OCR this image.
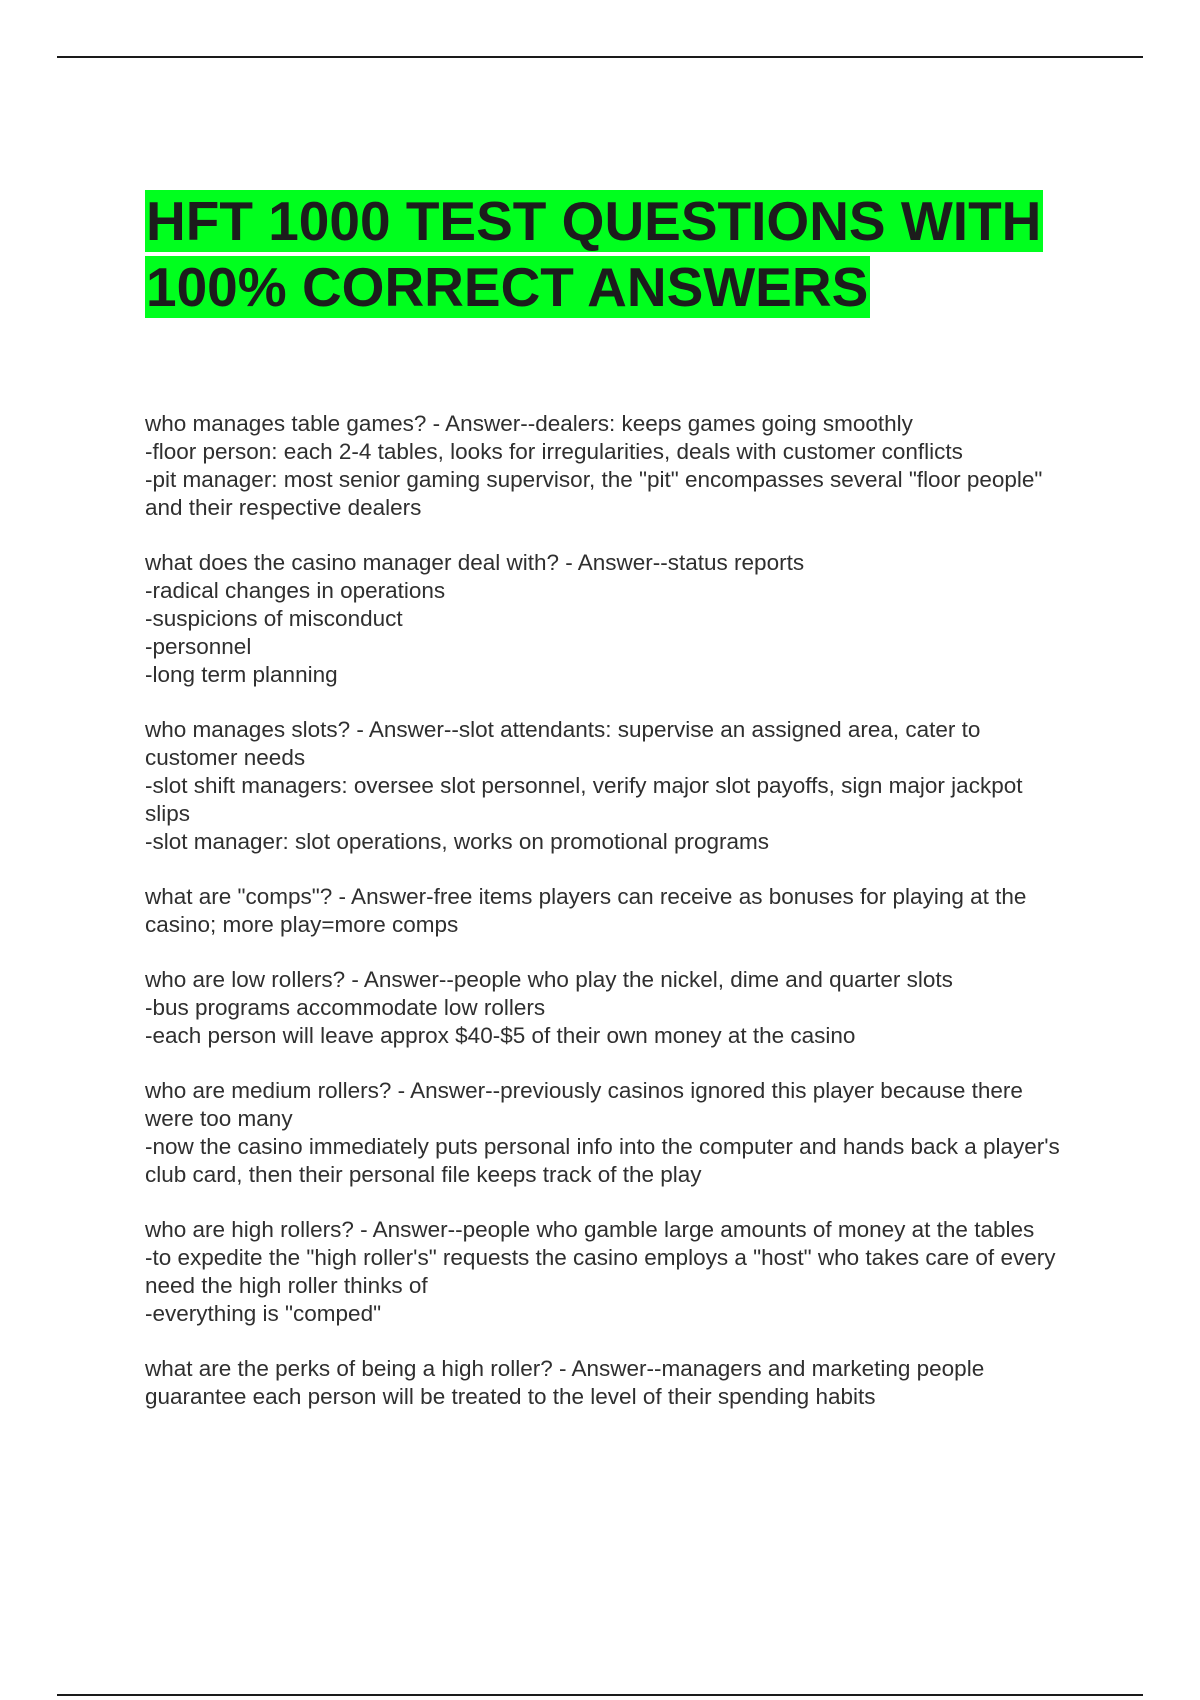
HFT 1000 TEST QUESTIONS WITH
100% CORRECT ANSWERS

who manages table games? - Answer--dealers: keeps games going smoothly

-floor person: each 2-4 tables, looks for irregularities, deals with customer conflicts

-pit manager: most senior gaming supervisor, the "pit" encompasses several "floor people" and their respective dealers

what does the casino manager deal with? - Answer--status reports

-radical changes in operations

-suspicions of misconduct

-personnel

-long term planning

who manages slots? - Answer--slot attendants: supervise an assigned area, cater to customer needs

-slot shift managers: oversee slot personnel, verify major slot payoffs, sign major jackpot slips

-slot manager: slot operations, works on promotional programs

what are "comps"? - Answer-free items players can receive as bonuses for playing at the casino; more play=more comps

who are low rollers? - Answer--people who play the nickel, dime and quarter slots

-bus programs accommodate low rollers

-each person will leave approx $40-$5 of their own money at the casino

who are medium rollers? - Answer--previously casinos ignored this player because there were too many

-now the casino immediately puts personal info into the computer and hands back a player's club card, then their personal file keeps track of the play

who are high rollers? - Answer--people who gamble large amounts of money at the tables

-to expedite the "high roller's" requests the casino employs a "host" who takes care of every need the high roller thinks of

-everything is "comped"

what are the perks of being a high roller? - Answer--managers and marketing people guarantee each person will be treated to the level of their spending habits
